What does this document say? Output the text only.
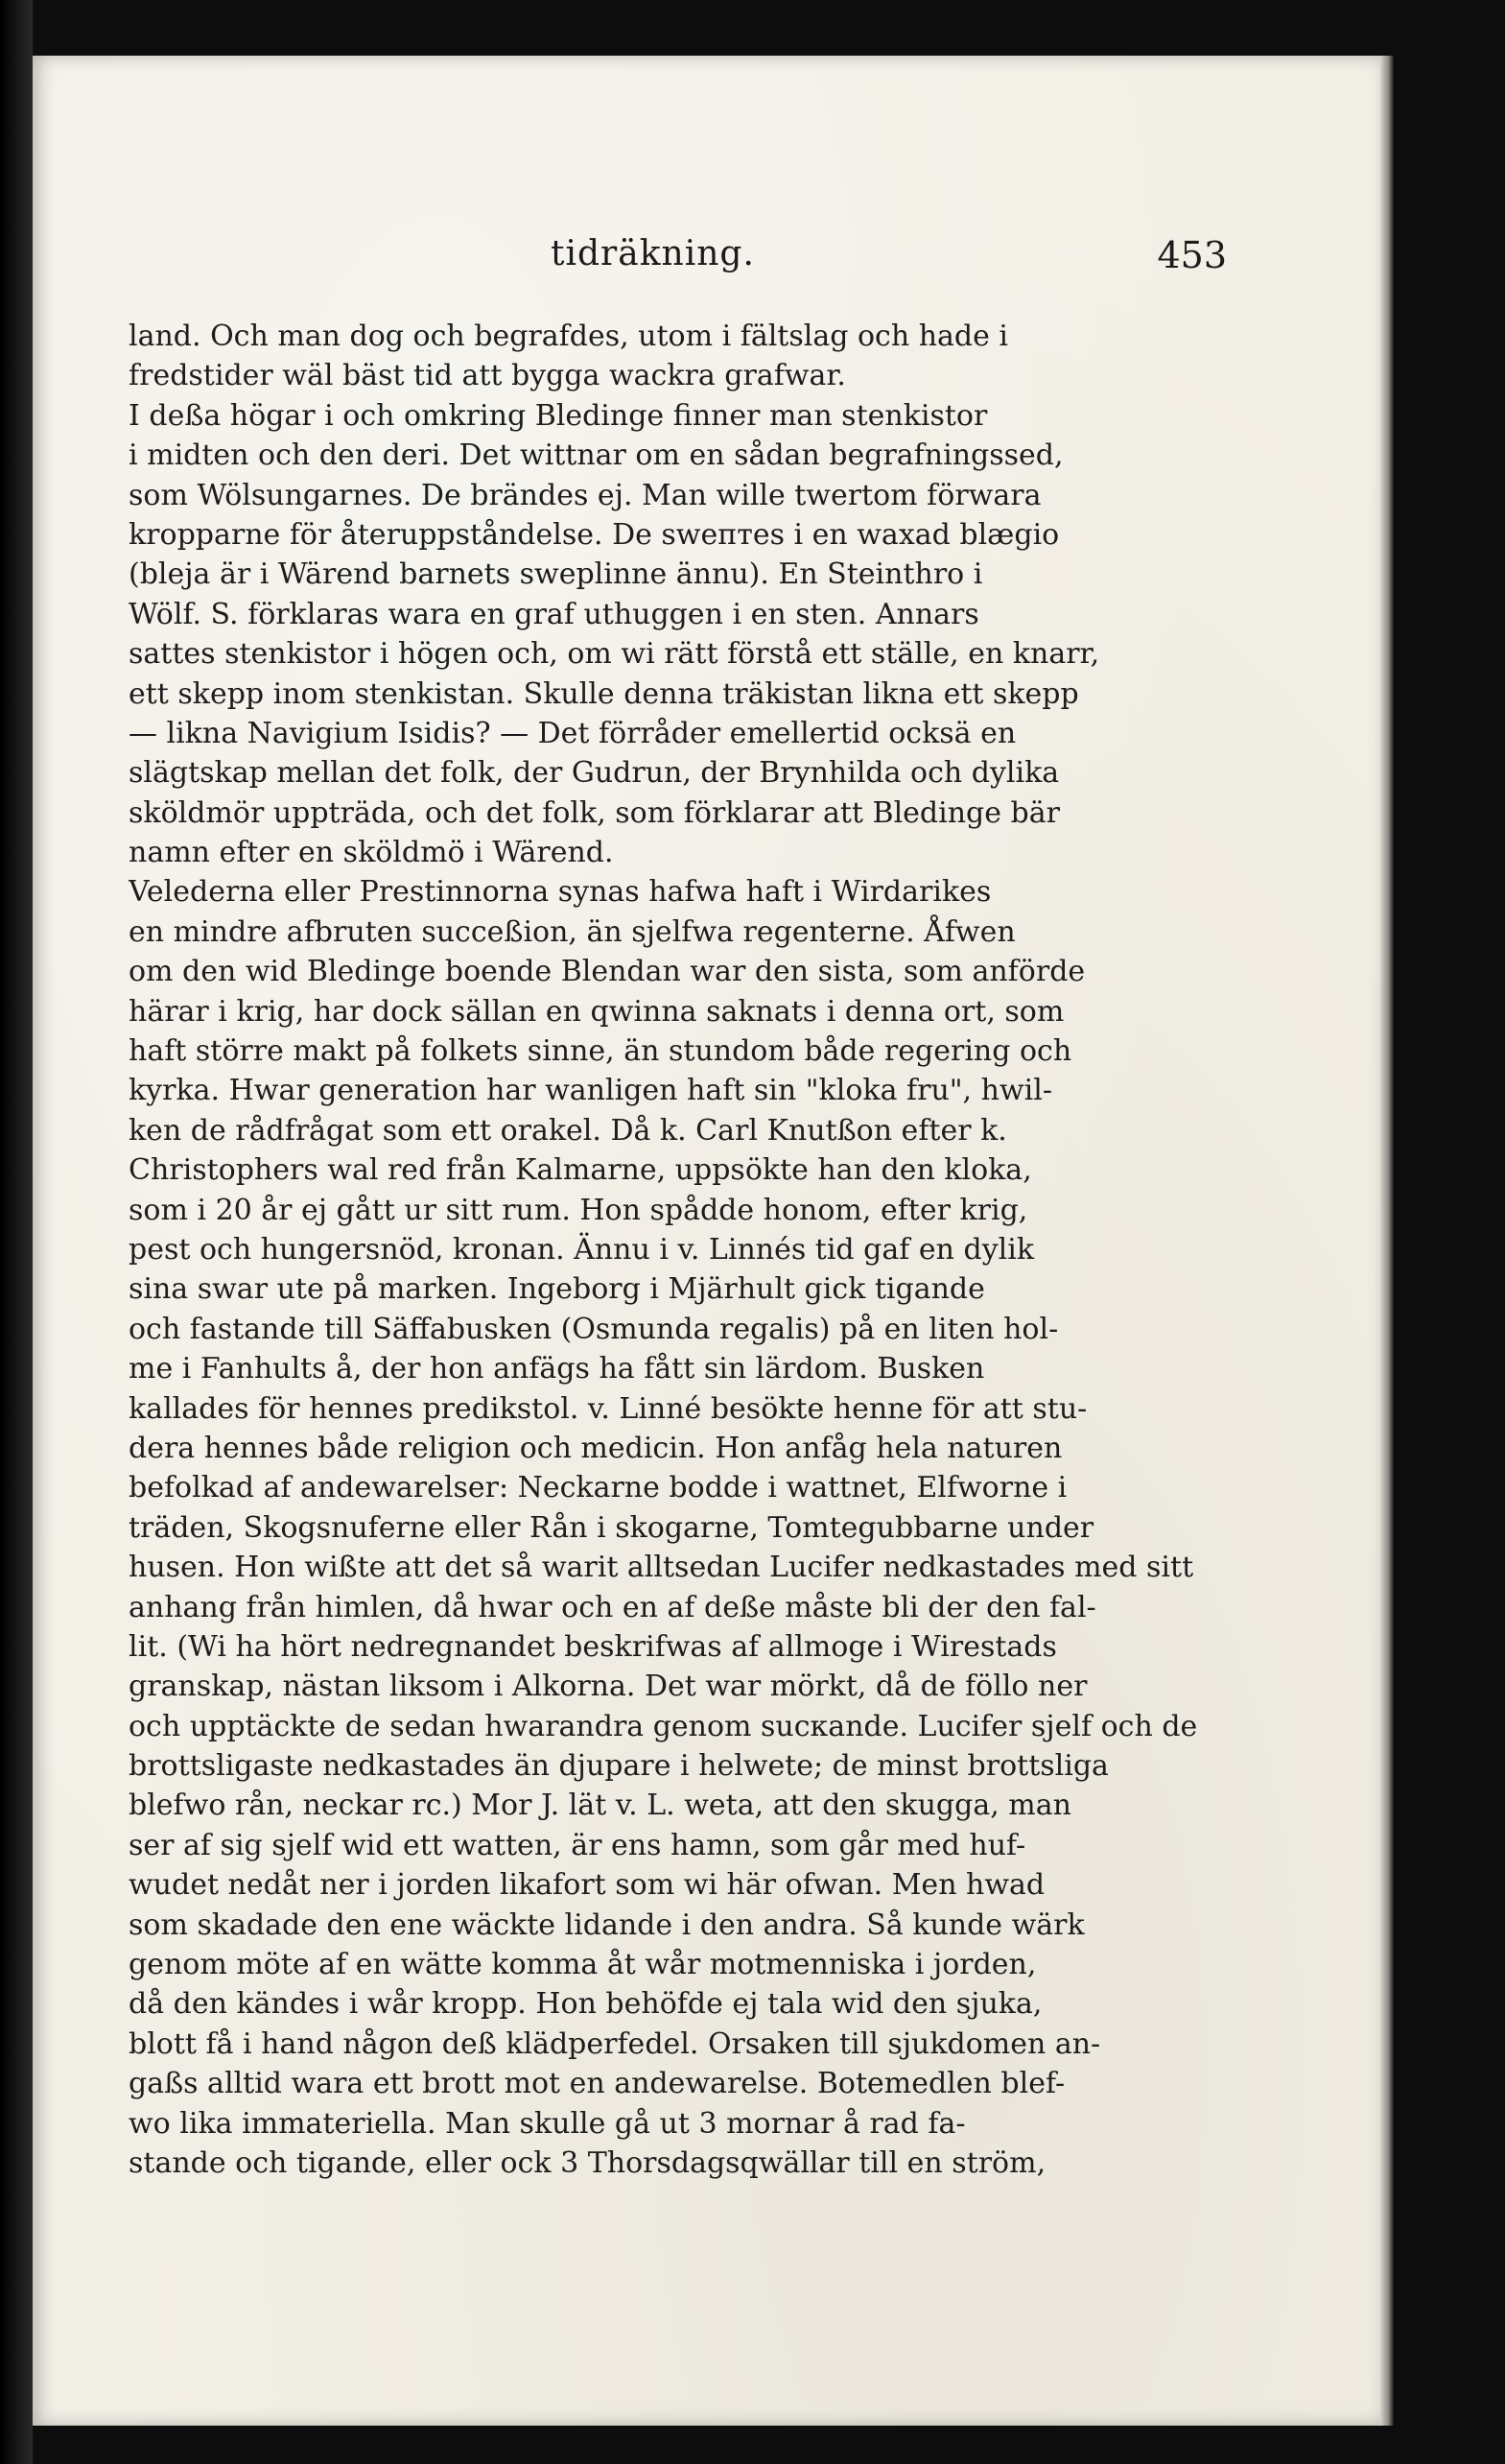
tidräkning.	453
land. Och man dog och begrafdes, utom i fältslag och hade i
fredstider wäl bäst tid att bygga wackra grafwar.
I deßa högar i och omkring Bledinge finner man stenkistor
i midten och den deri. Det wittnar om en sådan begrafningssed,
som Wölsungarnes. De brändes ej. Man wille twertom förwara
kropparne för återuppståndelse. De swептes i en waxad blægio
(bleja är i Wärend barnets sweplinne ännu). En Steinthro i
Wölf. S. förklaras wara en graf uthuggen i en sten. Annars
sattes stenkistor i högen och, om wi rätt förstå ett ställe, en knarr,
ett skepp inom stenkistan. Skulle denna träkistan likna ett skepp
— likna Navigium Isidis? — Det förråder emellertid ocksä en
slägtskap mellan det folk, der Gudrun, der Brynhilda och dylika
sköldmör uppträda, och det folk, som förklarar att Bledinge bär
namn efter en sköldmö i Wärend.
Velederna eller Prestinnorna synas hafwa haft i Wirdarikes
en mindre afbruten succeßion, än sjelfwa regenterne. Åfwen
om den wid Bledinge boende Blendan war den sista, som anförde
härar i krig, har dock sällan en qwinna saknats i denna ort, som
haft större makt på folkets sinne, än stundom både regering och
kyrka. Hwar generation har wanligen haft sin "kloka fru", hwil-
ken de rådfrågat som ett orakel. Då k. Carl Knutßon efter k.
Christophers wal red från Kalmarne, uppsökte han den kloka,
som i 20 år ej gått ur sitt rum. Hon spådde honom, efter krig,
pest och hungersnöd, kronan. Ännu i v. Linnés tid gaf en dylik
sina swar ute på marken. Ingeborg i Mjärhult gick tigande
och fastande till Säffabusken (Osmunda regalis) på en liten hol-
me i Fanhults å, der hon anfägs ha fått sin lärdom. Busken
kallades för hennes predikstol. v. Linné besökte henne för att stu-
dera hennes både religion och medicin. Hon anfåg hela naturen
befolkad af andewarelser: Neckarne bodde i wattnet, Elfworne i
träden, Skogsnuferne eller Rån i skogarne, Tomtegubbarne under
husen. Hon wißte att det så warit alltsedan Lucifer nedkastades med sitt
anhang från himlen, då hwar och en af deße måste bli der den fal-
lit. (Wi ha hört nedregnandet beskrifwas af allmoge i Wirestads
granskap, nästan liksom i Alkorna. Det war mörkt, då de föllo ner
och upptäckte de sedan hwarandra genom sucкande. Lucifer sjelf och de
brottsligaste nedkastades än djupare i helwete; de minst brottsliga
blefwo rån, neckar rc.) Mor J. lät v. L. weta, att den skugga, man
ser af sig sjelf wid ett watten, är ens hamn, som går med huf-
wudet nedåt ner i jorden likafort som wi här ofwan. Men hwad
som skadade den ene wäckte lidande i den andra. Så kunde wärk
genom möte af en wätte komma åt wår motmenniska i jorden,
då den kändes i wår kropp. Hon behöfde ej tala wid den sjuka,
blott få i hand någon deß klädperfedel. Orsaken till sjukdomen an-
gaßs alltid wara ett brott mot en andewarelse. Botemedlen blef-
wo lika immateriella. Man skulle gå ut 3 mornar å rad fa-
stande och tigande, eller ock 3 Thorsdagsqwällar till en ström,
